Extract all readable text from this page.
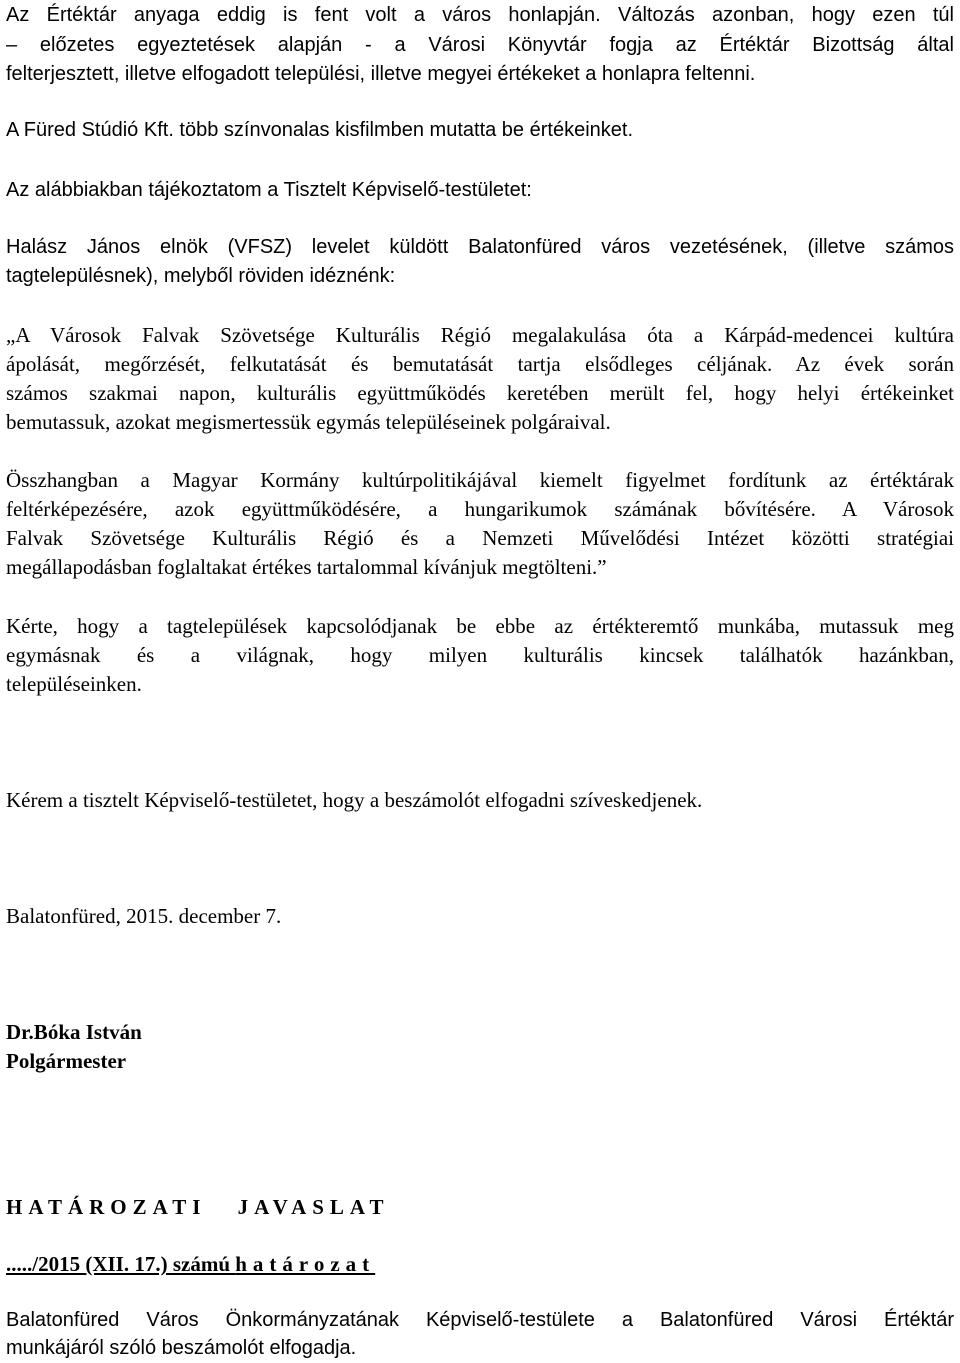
Az Értéktár anyaga eddig is fent volt a város honlapján. Változás azonban, hogy ezen túl
– előzetes egyeztetések alapján - a Városi Könyvtár fogja az Értéktár Bizottság által
felterjesztett, illetve elfogadott települési, illetve megyei értékeket a honlapra feltenni.
A Füred Stúdió Kft. több színvonalas kisfilmben mutatta be értékeinket.
Az alábbiakban tájékoztatom a Tisztelt Képviselő-testületet:
Halász János elnök (VFSZ) levelet küldött Balatonfüred város vezetésének, (illetve számos
tagtelepülésnek), melyből röviden idéznénk:
„A Városok Falvak Szövetsége Kulturális Régió megalakulása óta a Kárpád-medencei kultúra
ápolását, megőrzését, felkutatását és bemutatását tartja elsődleges céljának. Az évek során
számos szakmai napon, kulturális együttműködés keretében merült fel, hogy helyi értékeinket
bemutassuk, azokat megismertessük egymás településeinek polgáraival.
Összhangban a Magyar Kormány kultúrpolitikájával kiemelt figyelmet fordítunk az értéktárak
feltérképezésére, azok együttműködésére, a hungarikumok számának bővítésére. A Városok
Falvak Szövetsége Kulturális Régió és a Nemzeti Művelődési Intézet közötti stratégiai
megállapodásban foglaltakat értékes tartalommal kívánjuk megtölteni.”
Kérte, hogy a tagtelepülések kapcsolódjanak be ebbe az értékteremtő munkába, mutassuk meg
egymásnak és a világnak, hogy milyen kulturális kincsek találhatók hazánkban,
településeinken.
Kérem a tisztelt Képviselő-testületet, hogy a beszámolót elfogadni szíveskedjenek.
Balatonfüred, 2015. december 7.
Dr.Bóka István
Polgármester
HATÁROZATI JAVASLAT
...../2015 (XII. 17.) számú határozat
Balatonfüred Város Önkormányzatának Képviselő-testülete a Balatonfüred Városi Értéktár
munkájáról szóló beszámolót elfogadja.
